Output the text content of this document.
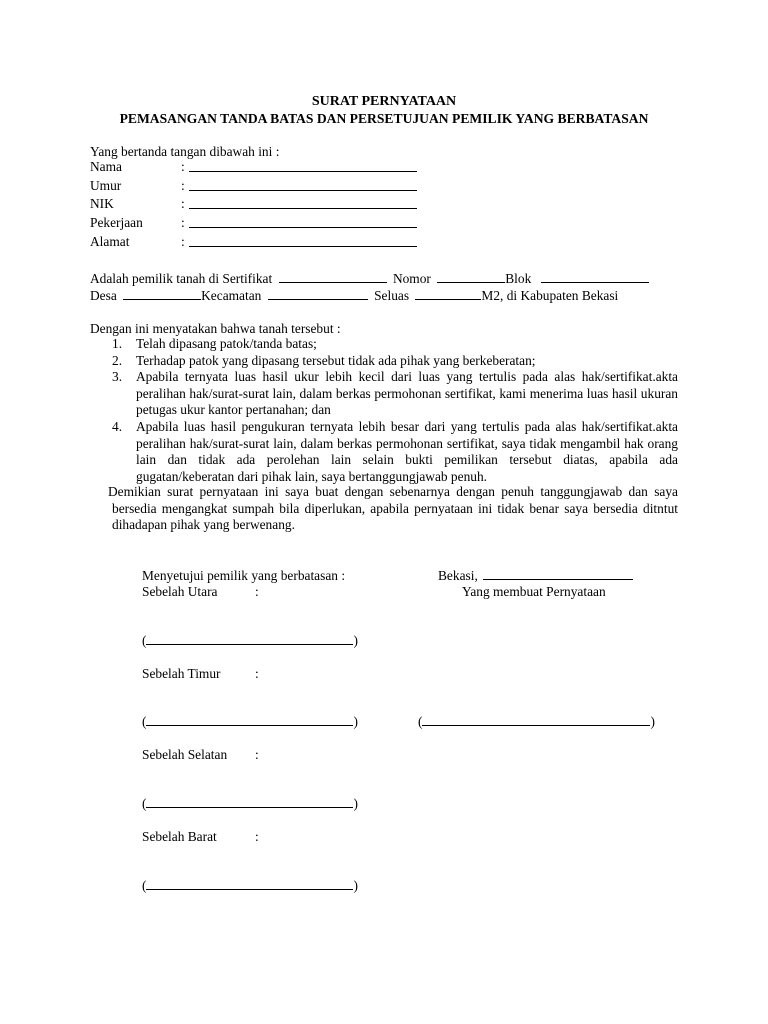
SURAT PERNYATAAN
PEMASANGAN TANDA BATAS DAN PERSETUJUAN PEMILIK YANG BERBATASAN
Yang bertanda tangan dibawah ini :
Nama	:
Umur	:
NIK	:
Pekerjaan	:
Alamat	:
Adalah pemilik tanah di Sertifikat	Nomor	Blok
Desa	Kecamatan	Seluas	M2, di Kabupaten Bekasi
Dengan ini menyatakan bahwa tanah tersebut :
1. Telah dipasang patok/tanda batas;
2. Terhadap patok yang dipasang tersebut tidak ada pihak yang berkeberatan;
3. Apabila ternyata luas hasil ukur lebih kecil dari luas yang tertulis pada alas hak/sertifikat.akta peralihan hak/surat-surat lain, dalam berkas permohonan sertifikat, kami menerima luas hasil ukuran petugas ukur kantor pertanahan; dan
4. Apabila luas hasil pengukuran ternyata lebih besar dari yang tertulis pada alas hak/sertifikat.akta peralihan hak/surat-surat lain, dalam berkas permohonan sertifikat, saya tidak mengambil hak orang lain dan tidak ada perolehan lain selain bukti pemilikan tersebut diatas, apabila ada gugatan/keberatan dari pihak lain, saya bertanggungjawab penuh.
Demikian surat pernyataan ini saya buat dengan sebenarnya dengan penuh tanggungjawab dan saya bersedia mengangkat sumpah bila diperlukan, apabila pernyataan ini tidak benar saya bersedia ditntut dihadapan pihak yang berwenang.
Menyetujui pemilik yang berbatasan :	Bekasi,
Yang membuat Pernyataan
Sebelah Utara	:
(	)
Sebelah Timur	:
(	)	(	)
Sebelah Selatan :
(	)
Sebelah Barat	:
(	)
